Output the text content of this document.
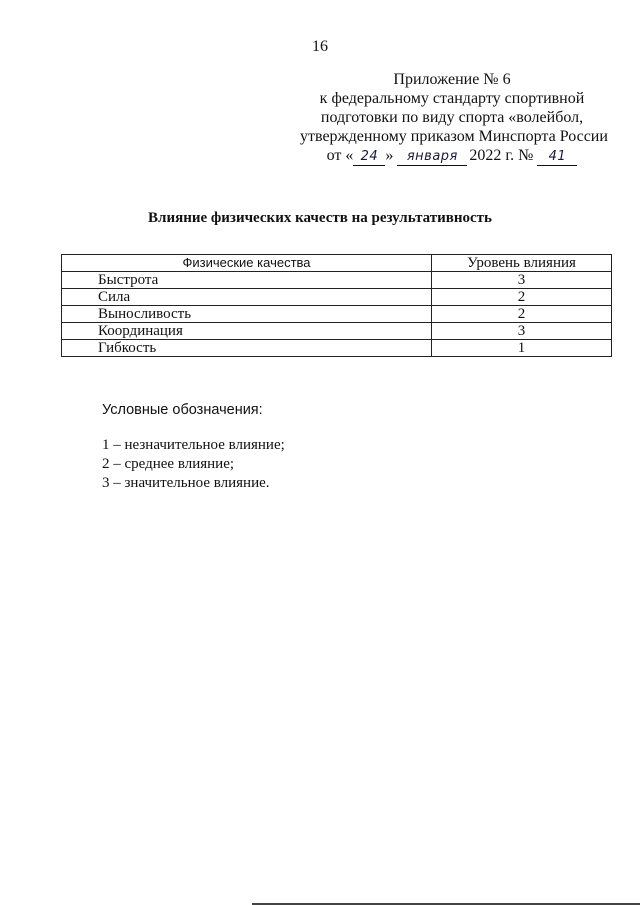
16
Приложение № 6
к федеральному стандарту спортивной
подготовки по виду спорта «волейбол,
утвержденному приказом Минспорта России
от « 24 » января 2022 г. № 41
Влияние физических качеств на результативность
Физические качества	Уровень влияния
Быстрота	3
Сила	2
Выносливость	2
Координация	3
Гибкость	1
Условные обозначения:
1 – незначительное влияние;
2 – среднее влияние;
3 – значительное влияние.
